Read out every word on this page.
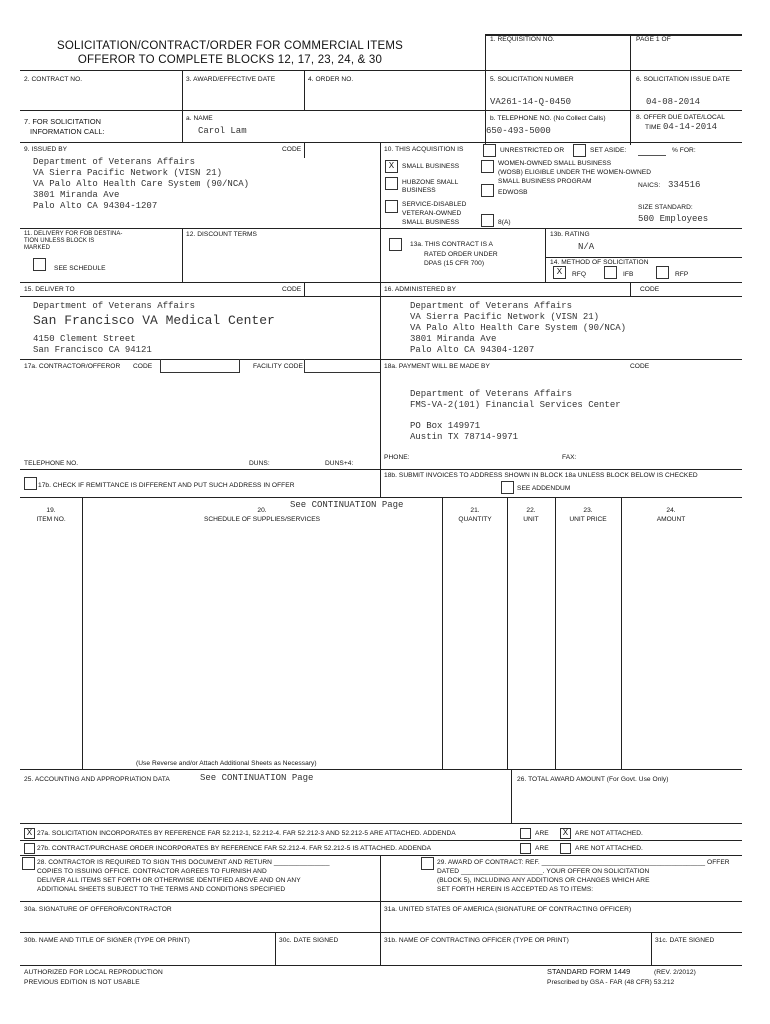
SOLICITATION/CONTRACT/ORDER FOR COMMERCIAL ITEMS
OFFEROR TO COMPLETE BLOCKS 12, 17, 23, 24, & 30
1. REQUISITION NO.	PAGE 1 OF
2. CONTRACT NO.	3. AWARD/EFFECTIVE DATE	4. ORDER NO.	5. SOLICITATION NUMBER
VA261-14-Q-0450
6. SOLICITATION ISSUE DATE
04-08-2014
7. FOR SOLICITATION
INFORMATION CALL:
a. NAME
Carol Lam
b. TELEPHONE NO. (No Collect Calls)
650-493-5000
8. OFFER DUE DATE/LOCAL
TIME 04-14-2014
9. ISSUED BY	CODE
Department of Veterans Affairs
VA Sierra Pacific Network (VISN 21)
VA Palo Alto Health Care System (90/NCA)
3801 Miranda Ave
Palo Alto CA 94304-1207
10. THIS ACQUISITION IS	UNRESTRICTED OR	SET ASIDE:	% FOR:
X	SMALL BUSINESS
HUBZONE SMALL
BUSINESS
SERVICE-DISABLED
VETERAN-OWNED
SMALL BUSINESS
WOMEN-OWNED SMALL BUSINESS
(WOSB) ELIGIBLE UNDER THE WOMEN-OWNED
SMALL BUSINESS PROGRAM
EDWOSB
8(A)
NAICS: 334516
SIZE STANDARD:
500 Employees
11. DELIVERY FOR FOB DESTINA-
TION UNLESS BLOCK IS
MARKED
SEE SCHEDULE
12. DISCOUNT TERMS
13a. THIS CONTRACT IS A
RATED ORDER UNDER
DPAS (15 CFR 700)
13b. RATING
N/A
14. METHOD OF SOLICITATION
X	RFQ	IFB	RFP
15. DELIVER TO	CODE
Department of Veterans Affairs
San Francisco VA Medical Center
4150 Clement Street
San Francisco CA 94121
16. ADMINISTERED BY	CODE
Department of Veterans Affairs
VA Sierra Pacific Network (VISN 21)
VA Palo Alto Health Care System (90/NCA)
3801 Miranda Ave
Palo Alto CA 94304-1207
17a. CONTRACTOR/OFFEROR CODE	FACILITY CODE
TELEPHONE NO.	DUNS:	DUNS+4:
17b. CHECK IF REMITTANCE IS DIFFERENT AND PUT SUCH ADDRESS IN OFFER
18a. PAYMENT WILL BE MADE BY	CODE
Department of Veterans Affairs
FMS-VA-2(101) Financial Services Center
PO Box 149971
Austin TX 78714-9971
PHONE:	FAX:
18b. SUBMIT INVOICES TO ADDRESS SHOWN IN BLOCK 18a UNLESS BLOCK BELOW IS CHECKED
SEE ADDENDUM
19.
ITEM NO.
20.
SCHEDULE OF SUPPLIES/SERVICES
See CONTINUATION Page
21.
QUANTITY
22.
UNIT
23.
UNIT PRICE
24.
AMOUNT
(Use Reverse and/or Attach Additional Sheets as Necessary)
25. ACCOUNTING AND APPROPRIATION DATA	See CONTINUATION Page	26. TOTAL AWARD AMOUNT (For Govt. Use Only)
X 27a. SOLICITATION INCORPORATES BY REFERENCE FAR 52.212-1, 52.212-4. FAR 52.212-3 AND 52.212-5 ARE ATTACHED. ADDENDA	ARE	X	ARE NOT ATTACHED.
27b. CONTRACT/PURCHASE ORDER INCORPORATES BY REFERENCE FAR 52.212-4. FAR 52.212-5 IS ATTACHED. ADDENDA	ARE	ARE NOT ATTACHED.
28. CONTRACTOR IS REQUIRED TO SIGN THIS DOCUMENT AND RETURN _______________
COPIES TO ISSUING OFFICE. CONTRACTOR AGREES TO FURNISH AND
DELIVER ALL ITEMS SET FORTH OR OTHERWISE IDENTIFIED ABOVE AND ON ANY
ADDITIONAL SHEETS SUBJECT TO THE TERMS AND CONDITIONS SPECIFIED
29. AWARD OF CONTRACT: REF. ____________________________________________ OFFER
DATED ______________________. YOUR OFFER ON SOLICITATION
(BLOCK 5), INCLUDING ANY ADDITIONS OR CHANGES WHICH ARE
SET FORTH HEREIN IS ACCEPTED AS TO ITEMS:
30a. SIGNATURE OF OFFEROR/CONTRACTOR	31a. UNITED STATES OF AMERICA (SIGNATURE OF CONTRACTING OFFICER)
30b. NAME AND TITLE OF SIGNER (TYPE OR PRINT)	30c. DATE SIGNED	31b. NAME OF CONTRACTING OFFICER (TYPE OR PRINT)	31c. DATE SIGNED
AUTHORIZED FOR LOCAL REPRODUCTION
PREVIOUS EDITION IS NOT USABLE
STANDARD FORM 1449	(REV. 2/2012)
Prescribed by GSA - FAR (48 CFR) 53.212
